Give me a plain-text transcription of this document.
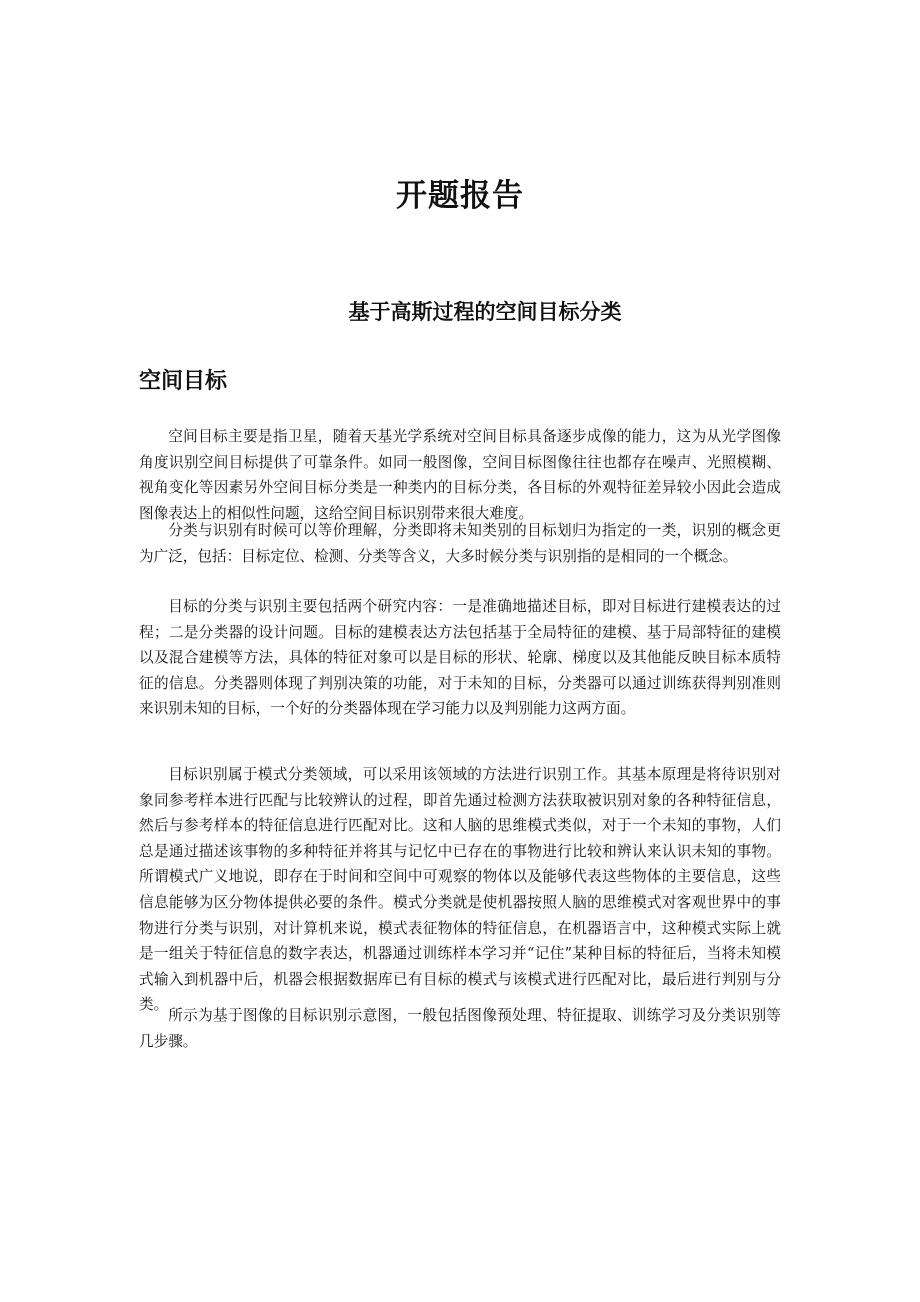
开题报告
基于高斯过程的空间目标分类
空间目标

空间目标主要是指卫星，随着天基光学系统对空间目标具备逐步成像的能力，这为从光学图像角度识别空间目标提供了可靠条件。如同一般图像，空间目标图像往往也都存在噪声、光照模糊、视角变化等因素另外空间目标分类是一种类内的目标分类，各目标的外观特征差异较小因此会造成图像表达上的相似性问题，这给空间目标识别带来很大难度。

分类与识别有时候可以等价理解，分类即将未知类别的目标划归为指定的一类，识别的概念更为广泛，包括：目标定位、检测、分类等含义，大多时候分类与识别指的是相同的一个概念。

目标的分类与识别主要包括两个研究内容：一是准确地描述目标，即对目标进行建模表达的过程；二是分类器的设计问题。目标的建模表达方法包括基于全局特征的建模、基于局部特征的建模以及混合建模等方法，具体的特征对象可以是目标的形状、轮廓、梯度以及其他能反映目标本质特征的信息。分类器则体现了判别决策的功能，对于未知的目标，分类器可以通过训练获得判别准则来识别未知的目标，一个好的分类器体现在学习能力以及判别能力这两方面。

目标识别属于模式分类领域，可以采用该领域的方法进行识别工作。其基本原理是将待识别对象同参考样本进行匹配与比较辨认的过程，即首先通过检测方法获取被识别对象的各种特征信息，然后与参考样本的特征信息进行匹配对比。这和人脑的思维模式类似，对于一个未知的事物，人们总是通过描述该事物的多种特征并将其与记忆中已存在的事物进行比较和辨认来认识未知的事物。所谓模式广义地说，即存在于时间和空间中可观察的物体以及能够代表这些物体的主要信息，这些信息能够为区分物体提供必要的条件。模式分类就是使机器按照人脑的思维模式对客观世界中的事物进行分类与识别，对计算机来说，模式表征物体的特征信息，在机器语言中，这种模式实际上就是一组关于特征信息的数字表达，机器通过训练样本学习并“记住”某种目标的特征后，当将未知模式输入到机器中后，机器会根据数据库已有目标的模式与该模式进行匹配对比，最后进行判别与分类。

所示为基于图像的目标识别示意图，一般包括图像预处理、特征提取、训练学习及分类识别等几步骤。
